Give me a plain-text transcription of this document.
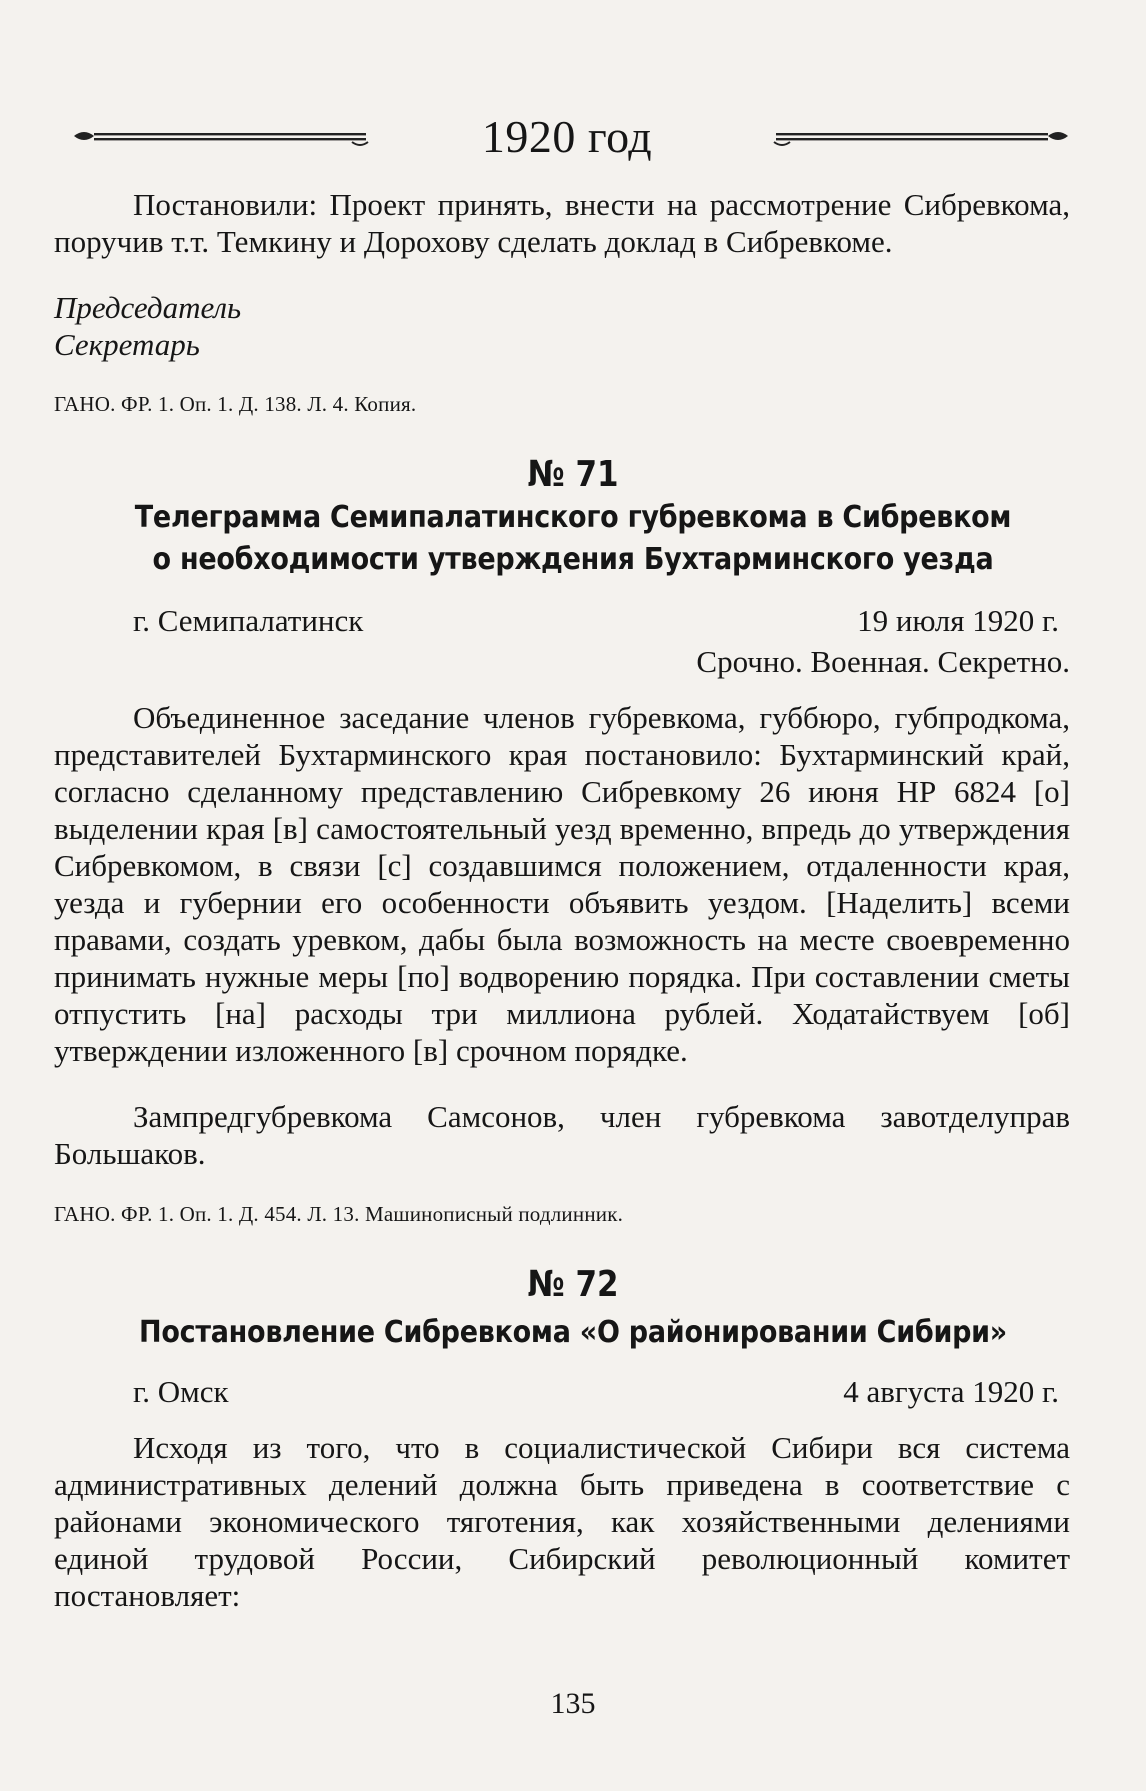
1920 год
Постановили: Проект принять, внести на рассмотрение Сибревкома, поручив т.т. Темкину и Дорохову сделать доклад в Сибревкоме.
Председатель
Секретарь
ГАНО. ФР. 1. Оп. 1. Д. 138. Л. 4. Копия.
№ 71
Телеграмма Семипалатинского губревкома в Сибревком
о необходимости утверждения Бухтарминского уезда
г. Семипалатинск	19 июля 1920 г.
Срочно. Военная. Секретно.
Объединенное заседание членов губревкома, губбюро, губпродкома, представителей Бухтарминского края постановило: Бухтарминский край, согласно сделанному представлению Сибревкому 26 июня НР 6824 [о] выделении края [в] самостоятельный уезд временно, впредь до утверждения Сибревкомом, в связи [с] создавшимся положением, отдаленности края, уезда и губернии его особенности объявить уездом. [Наделить] всеми правами, создать уревком, дабы была возможность на месте своевременно принимать нужные меры [по] водворению порядка. При составлении сметы отпустить [на] расходы три миллиона рублей. Ходатайствуем [об] утверждении изложенного [в] срочном порядке.
Зампредгубревкома Самсонов, член губревкома завотделуправ Большаков.
ГАНО. ФР. 1. Оп. 1. Д. 454. Л. 13. Машинописный подлинник.
№ 72
Постановление Сибревкома «О районировании Сибири»
г. Омск	4 августа 1920 г.
Исходя из того, что в социалистической Сибири вся система административных делений должна быть приведена в соответствие с районами экономического тяготения, как хозяйственными делениями единой трудовой России, Сибирский революционный комитет постановляет:
135
